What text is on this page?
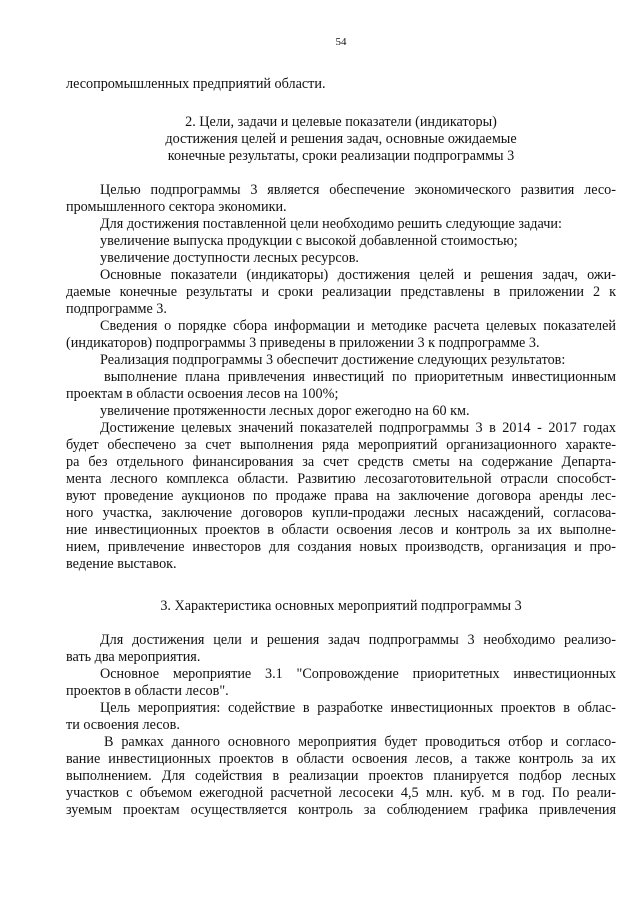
54
лесопромышленных предприятий области.
2. Цели, задачи и целевые показатели (индикаторы)
достижения целей и решения задач, основные ожидаемые
конечные результаты, сроки реализации подпрограммы 3
Целью подпрограммы 3 является обеспечение экономического развития лесо-
промышленного сектора экономики.
Для достижения поставленной цели необходимо решить следующие задачи:
увеличение выпуска продукции с высокой добавленной стоимостью;
увеличение доступности лесных ресурсов.
Основные показатели (индикаторы) достижения целей и решения задач, ожи-
даемые конечные результаты и сроки реализации представлены в приложении 2 к
подпрограмме 3.
Сведения о порядке сбора информации и методике расчета целевых показателей
(индикаторов) подпрограммы 3 приведены в приложении 3 к подпрограмме 3.
Реализация подпрограммы 3 обеспечит достижение следующих результатов:
выполнение плана привлечения инвестиций по приоритетным инвестиционным
проектам в области освоения лесов на 100%;
увеличение протяженности лесных дорог ежегодно на 60 км.
Достижение целевых значений показателей подпрограммы 3 в 2014 - 2017 годах
будет обеспечено за счет выполнения ряда мероприятий организационного характе-
ра без отдельного финансирования за счет средств сметы на содержание Департа-
мента лесного комплекса области. Развитию лесозаготовительной отрасли способст-
вуют проведение аукционов по продаже права на заключение договора аренды лес-
ного участка, заключение договоров купли-продажи лесных насаждений, согласова-
ние инвестиционных проектов в области освоения лесов и контроль за их выполне-
нием, привлечение инвесторов для создания новых производств, организация и про-
ведение выставок.
3. Характеристика основных мероприятий подпрограммы 3
Для достижения цели и решения задач подпрограммы 3 необходимо реализо-
вать два мероприятия.
Основное мероприятие 3.1 "Сопровождение приоритетных инвестиционных
проектов в области лесов".
Цель мероприятия: содействие в разработке инвестиционных проектов в облас-
ти освоения лесов.
В рамках данного основного мероприятия будет проводиться отбор и согласо-
вание инвестиционных проектов в области освоения лесов, а также контроль за их
выполнением. Для содействия в реализации проектов планируется подбор лесных
участков с объемом ежегодной расчетной лесосеки 4,5 млн. куб. м в год. По реали-
зуемым проектам осуществляется контроль за соблюдением графика привлечения
